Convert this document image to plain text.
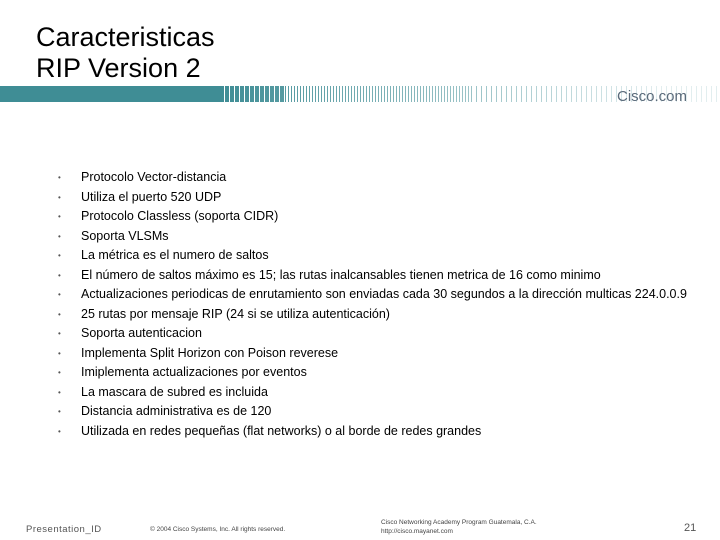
Caracteristicas
RIP Version 2
Cisco.com
• Protocolo Vector-distancia
• Utiliza el puerto 520 UDP
• Protocolo Classless (soporta CIDR)
• Soporta VLSMs
• La métrica es el numero de saltos
• El número de saltos máximo es 15; las rutas inalcansables tienen metrica de 16 como minimo
• Actualizaciones periodicas de enrutamiento son enviadas cada 30 segundos a la dirección multicas 224.0.0.9
• 25 rutas por mensaje RIP (24 si se utiliza autenticación)
• Soporta autenticacion
• Implementa Split Horizon con Poison reverese
• Imiplementa actualizaciones por eventos
• La mascara de subred es incluida
• Distancia administrativa es de 120
• Utilizada en redes pequeñas (flat networks) o al borde de redes grandes
Presentation_ID	© 2004 Cisco Systems, Inc. All rights reserved.
Cisco Networking Academy Program Guatemala, C.A.
http://cisco.mayanet.com	21
